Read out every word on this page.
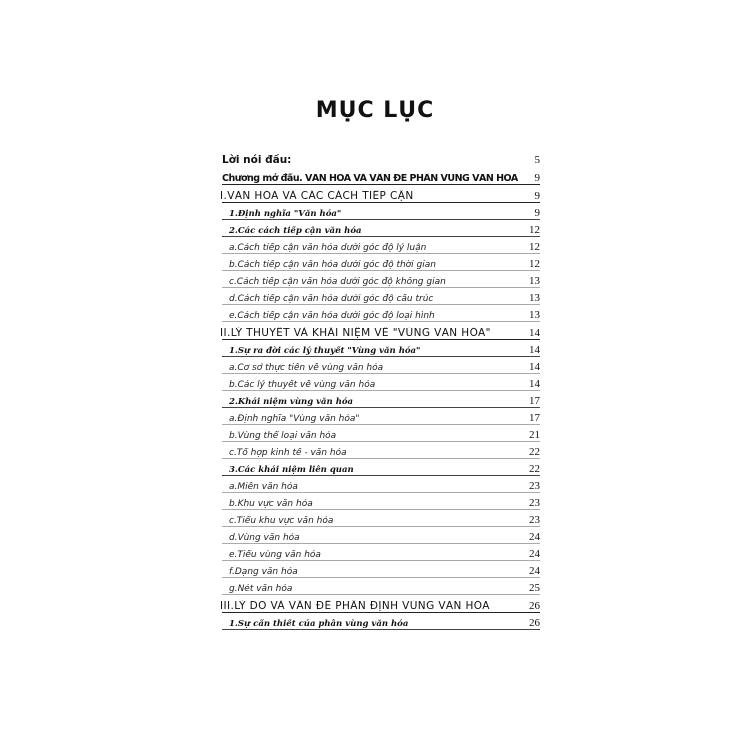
MỤC LỤC
Lời nói đầu:	5
Chương mở đầu. VĂN HÓA VÀ VẤN ĐỀ PHÂN VÙNG VĂN HÓA 9
I.VĂN HÓA VÀ CÁC CÁCH TIẾP CẬN	9
1.Định nghĩa "Văn hóa"	9
2.Các cách tiếp cận văn hóa	12
a.Cách tiếp cận văn hóa dưới góc độ lý luận	12
b.Cách tiếp cận văn hóa dưới góc độ thời gian	12
c.Cách tiếp cận văn hóa dưới góc độ không gian	13
d.Cách tiếp cận văn hóa dưới góc độ cấu trúc	13
e.Cách tiếp cận văn hóa dưới góc độ loại hình	13
II.LÝ THUYẾT VÀ KHÁI NIỆM VỀ "VÙNG VĂN HÓA"	14
1.Sự ra đời các lý thuyết "Vùng văn hóa"	14
a.Cơ sở thực tiễn về vùng văn hóa	14
b.Các lý thuyết về vùng văn hóa	14
2.Khái niệm vùng văn hóa	17
a.Định nghĩa "Vùng văn hóa"	17
b.Vùng thể loại văn hóa	21
c.Tổ hợp kinh tế - văn hóa	22
3.Các khái niệm liên quan	22
a.Miền văn hóa	23
b.Khu vực văn hóa	23
c.Tiểu khu vực văn hóa	23
d.Vùng văn hóa	24
e.Tiểu vùng văn hóa	24
f.Dạng văn hóa	24
g.Nét văn hóa	25
III.LÝ DO VÀ VẤN ĐỀ PHÂN ĐỊNH VÙNG VĂN HÓA	26
1.Sự cần thiết của phân vùng văn hóa	26
